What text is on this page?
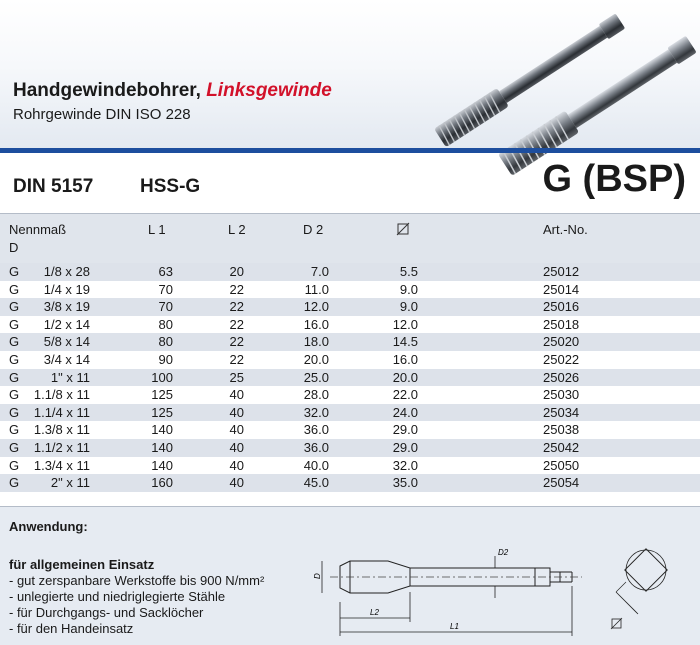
Handgewindebohrer, Linksgewinde
Rohrgewinde DIN ISO 228
DIN 5157 HSS-G	G (BSP)
Nennmaß
D
L 1	L 2	D 2	Art.-No.
G	1/8 x 28	63	20	7.0	5.5	25012
G	1/4 x 19	70	22	11.0	9.0	25014
G	3/8 x 19	70	22	12.0	9.0	25016
G	1/2 x 14	80	22	16.0	12.0	25018
G	5/8 x 14	80	22	18.0	14.5	25020
G	3/4 x 14	90	22	20.0	16.0	25022
G	1" x 11	100	25	25.0	20.0	25026
G	1.1/8 x 11	125	40	28.0	22.0	25030
G	1.1/4 x 11	125	40	32.0	24.0	25034
G	1.3/8 x 11	140	40	36.0	29.0	25038
G	1.1/2 x 11	140	40	36.0	29.0	25042
G	1.3/4 x 11	140	40	40.0	32.0	25050
G	2" x 11	160	40	45.0	35.0	25054
Anwendung:
für allgemeinen Einsatz
- gut zerspanbare Werkstoffe bis 900 N/mm²
- unlegierte und niedriglegierte Stähle
- für Durchgangs- und Sacklöcher
- für den Handeinsatz
D
D2
L2
L1
